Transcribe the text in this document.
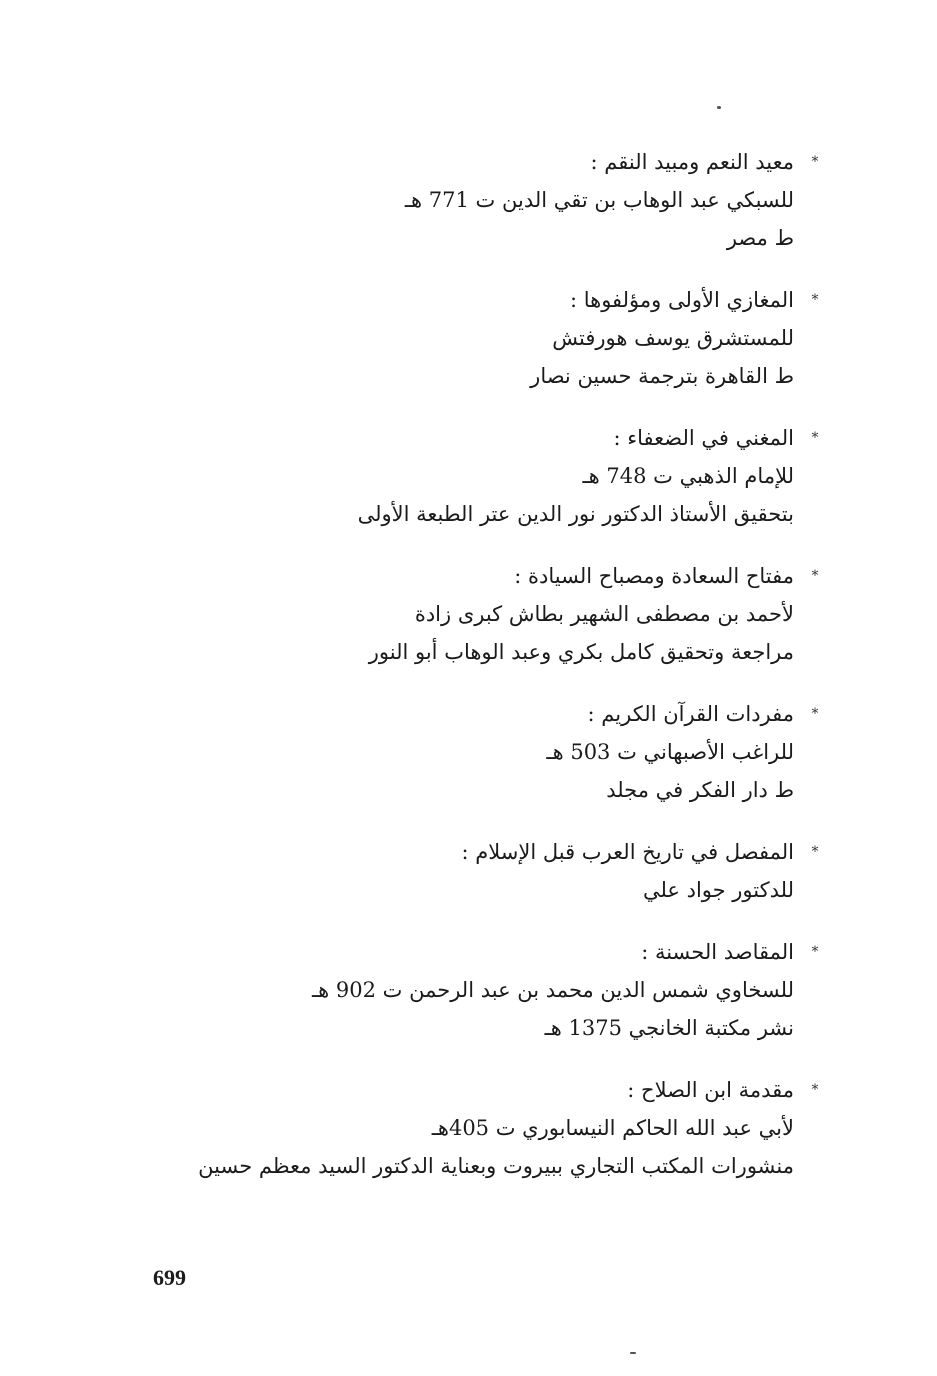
*
معيد النعم ومبيد النقم :
للسبكي عبد الوهاب بن تقي الدين ت 771 هـ
ط مصر
*
المغازي الأولى ومؤلفوها :
للمستشرق يوسف هورفتش
ط القاهرة بترجمة حسين نصار
*
المغني في الضعفاء :
للإمام الذهبي ت 748 هـ
بتحقيق الأستاذ الدكتور نور الدين عتر الطبعة الأولى
*
مفتاح السعادة ومصباح السيادة :
لأحمد بن مصطفى الشهير بطاش كبرى زادة
مراجعة وتحقيق كامل بكري وعبد الوهاب أبو النور
*
مفردات القرآن الكريم :
للراغب الأصبهاني ت 503 هـ
ط دار الفكر في مجلد
*
المفصل في تاريخ العرب قبل الإسلام :
للدكتور جواد علي
*
المقاصد الحسنة :
للسخاوي شمس الدين محمد بن عبد الرحمن ت 902 هـ
نشر مكتبة الخانجي 1375 هـ
*
مقدمة ابن الصلاح :
لأبي عبد الله الحاكم النيسابوري ت 405هـ
منشورات المكتب التجاري ببيروت وبعناية الدكتور السيد معظم حسين
699
